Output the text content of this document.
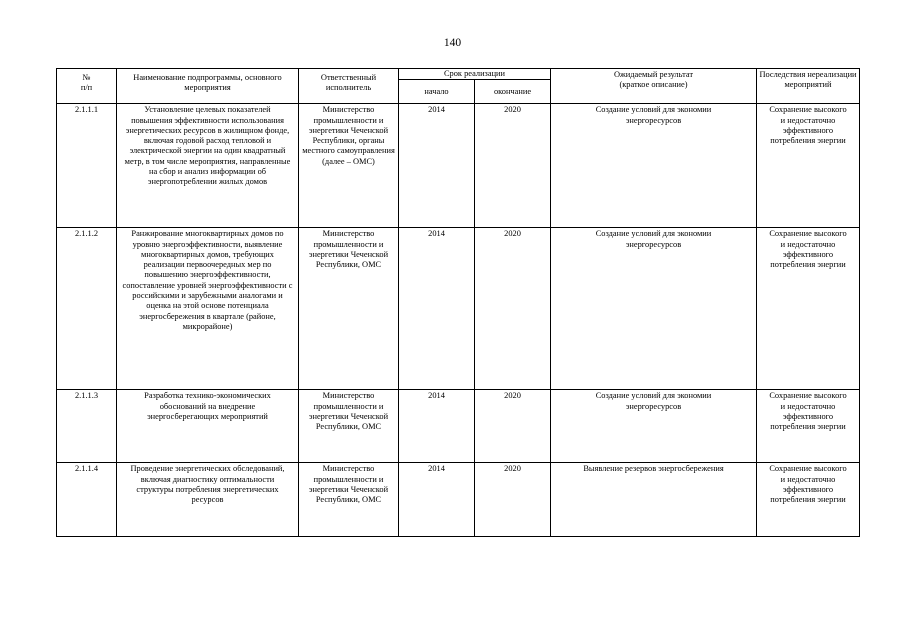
140
№
п/п	Наименование подпрограммы, основного мероприятия	Ответственный исполнитель	Срок реализации		Ожидаемый результат (краткое описание)	Последствия нереализации мероприятий
			начало	окончание		
2.1.1.1	Установление целевых показателей повышения эффективности использования энергетических ресурсов в жилищном фонде, включая годовой расход тепловой и электрической энергии на один квадратный метр, в том числе мероприятия, направленные на сбор и анализ информации об энергопотреблении жилых домов	Министерство промышленности и энергетики Чеченской Республики, органы местного самоуправления (далее – ОМС)	2014	2020	Создание условий для экономии энергоресурсов	Сохранение высокого и недостаточно эффективного потребления энергии
2.1.1.2	Ранжирование многоквартирных домов по уровню энергоэффективности, выявление многоквартирных домов, требующих реализации первоочередных мер по повышению энергоэффективности, сопоставление уровней энергоэффективности с российскими и зарубежными аналогами и оценка на этой основе потенциала энергосбережения в квартале (районе, микрорайоне)	Министерство промышленности и энергетики Чеченской Республики, ОМС	2014	2020	Создание условий для экономии энергоресурсов	Сохранение высокого и недостаточно эффективного потребления энергии
2.1.1.3	Разработка технико-экономических обоснований на внедрение энергосберегающих мероприятий	Министерство промышленности и энергетики Чеченской Республики, ОМС	2014	2020	Создание условий для экономии энергоресурсов	Сохранение высокого и недостаточно эффективного потребления энергии
2.1.1.4	Проведение энергетических обследований, включая диагностику оптимальности структуры потребления энергетических ресурсов	Министерство промышленности и энергетики Чеченской Республики, ОМС	2014	2020	Выявление резервов энергосбережения	Сохранение высокого и недостаточно эффективного потребления энергии
